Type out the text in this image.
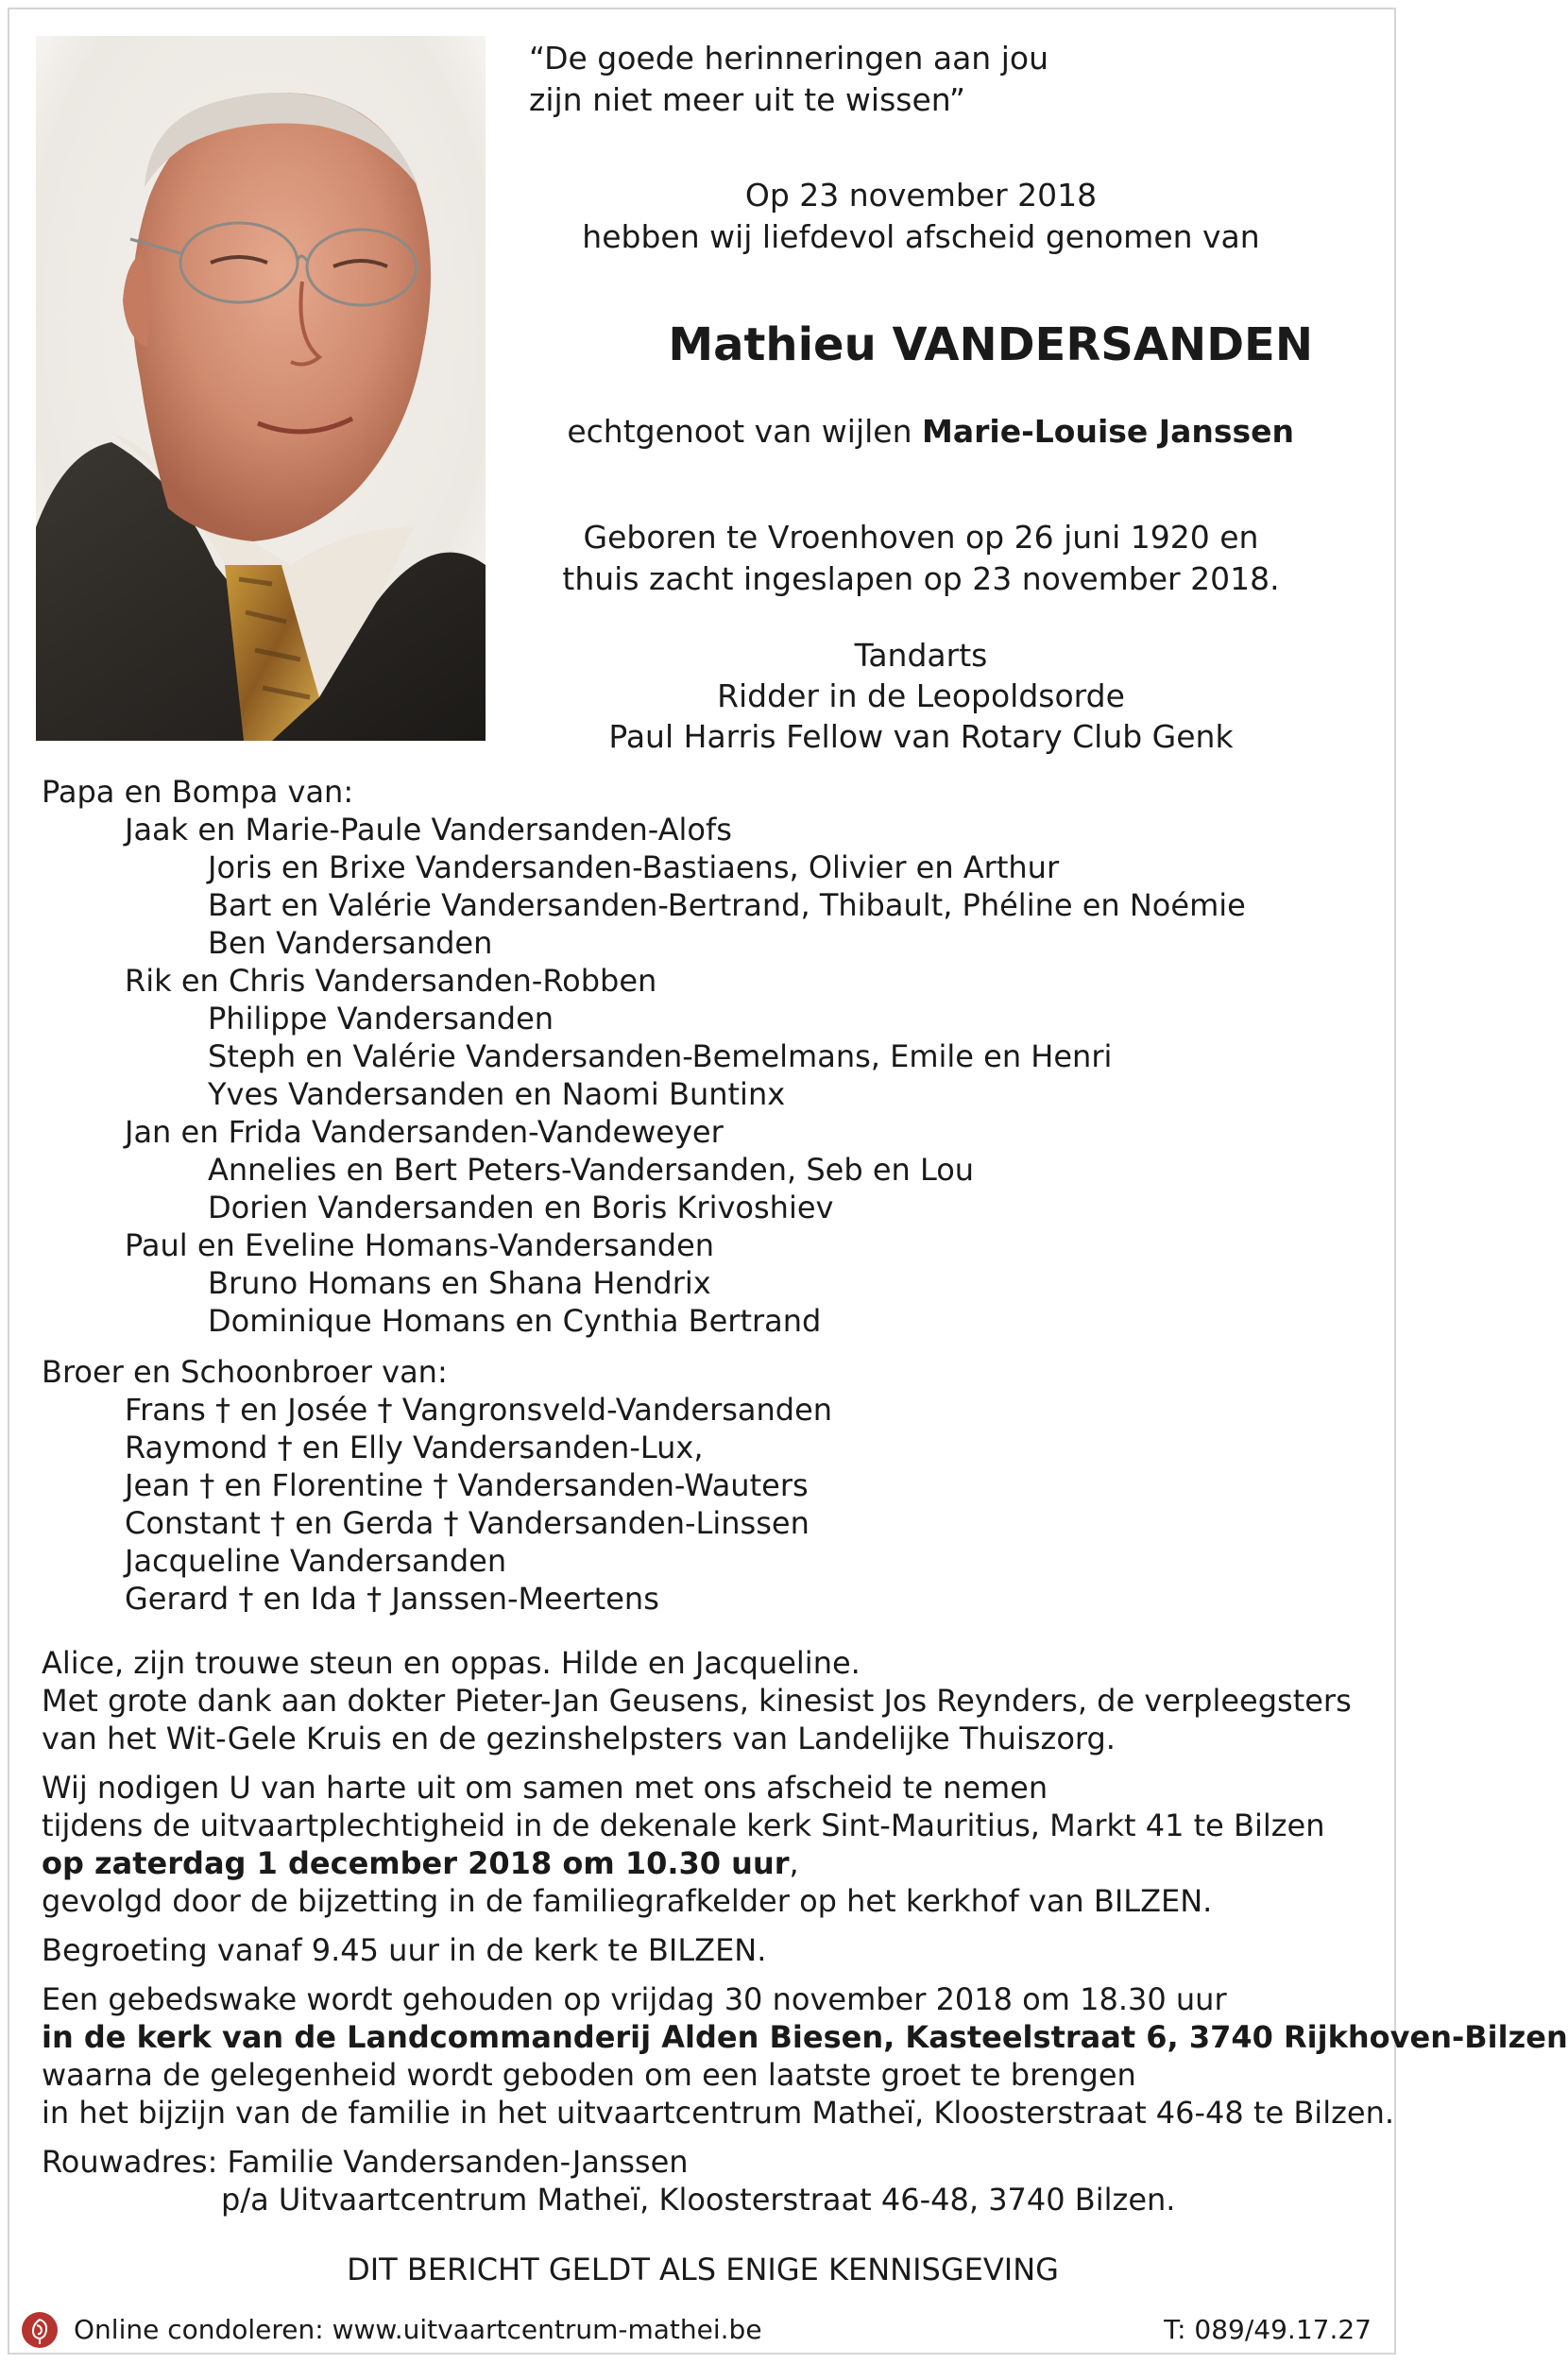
“De goede herinneringen aan jou
zijn niet meer uit te wissen”
Op 23 november 2018
hebben wij liefdevol afscheid genomen van
Mathieu VANDERSANDEN
echtgenoot van wijlen Marie-Louise Janssen
Geboren te Vroenhoven op 26 juni 1920 en
thuis zacht ingeslapen op 23 november 2018.
Tandarts
Ridder in de Leopoldsorde
Paul Harris Fellow van Rotary Club Genk
Papa en Bompa van:
Jaak en Marie-Paule Vandersanden-Alofs
Joris en Brixe Vandersanden-Bastiaens, Olivier en Arthur
Bart en Valérie Vandersanden-Bertrand, Thibault, Phéline en Noémie
Ben Vandersanden
Rik en Chris Vandersanden-Robben
Philippe Vandersanden
Steph en Valérie Vandersanden-Bemelmans, Emile en Henri
Yves Vandersanden en Naomi Buntinx
Jan en Frida Vandersanden-Vandeweyer
Annelies en Bert Peters-Vandersanden, Seb en Lou
Dorien Vandersanden en Boris Krivoshiev
Paul en Eveline Homans-Vandersanden
Bruno Homans en Shana Hendrix
Dominique Homans en Cynthia Bertrand
Broer en Schoonbroer van:
Frans † en Josée † Vangronsveld-Vandersanden
Raymond † en Elly Vandersanden-Lux,
Jean † en Florentine † Vandersanden-Wauters
Constant † en Gerda † Vandersanden-Linssen
Jacqueline Vandersanden
Gerard † en Ida † Janssen-Meertens

Alice, zijn trouwe steun en oppas. Hilde en Jacqueline.

Met grote dank aan dokter Pieter-Jan Geusens, kinesist Jos Reynders, de verpleegsters

van het Wit-Gele Kruis en de gezinshelpsters van Landelijke Thuiszorg.

Wij nodigen U van harte uit om samen met ons afscheid te nemen

tijdens de uitvaartplechtigheid in de dekenale kerk Sint-Mauritius, Markt 41 te Bilzen

op zaterdag 1 december 2018 om 10.30 uur,

gevolgd door de bijzetting in de familiegrafkelder op het kerkhof van BILZEN.

Begroeting vanaf 9.45 uur in de kerk te BILZEN.

Een gebedswake wordt gehouden op vrijdag 30 november 2018 om 18.30 uur

in de kerk van de Landcommanderij Alden Biesen, Kasteelstraat 6, 3740 Rijkhoven-Bilzen

waarna de gelegenheid wordt geboden om een laatste groet te brengen

in het bijzijn van de familie in het uitvaartcentrum Matheï, Kloosterstraat 46-48 te Bilzen.

Rouwadres: Familie Vandersanden-Janssen

p/a Uitvaartcentrum Matheï, Kloosterstraat 46-48, 3740 Bilzen.

DIT BERICHT GELDT ALS ENIGE KENNISGEVING
Online condoleren: www.uitvaartcentrum-mathei.be	T: 089/49.17.27
